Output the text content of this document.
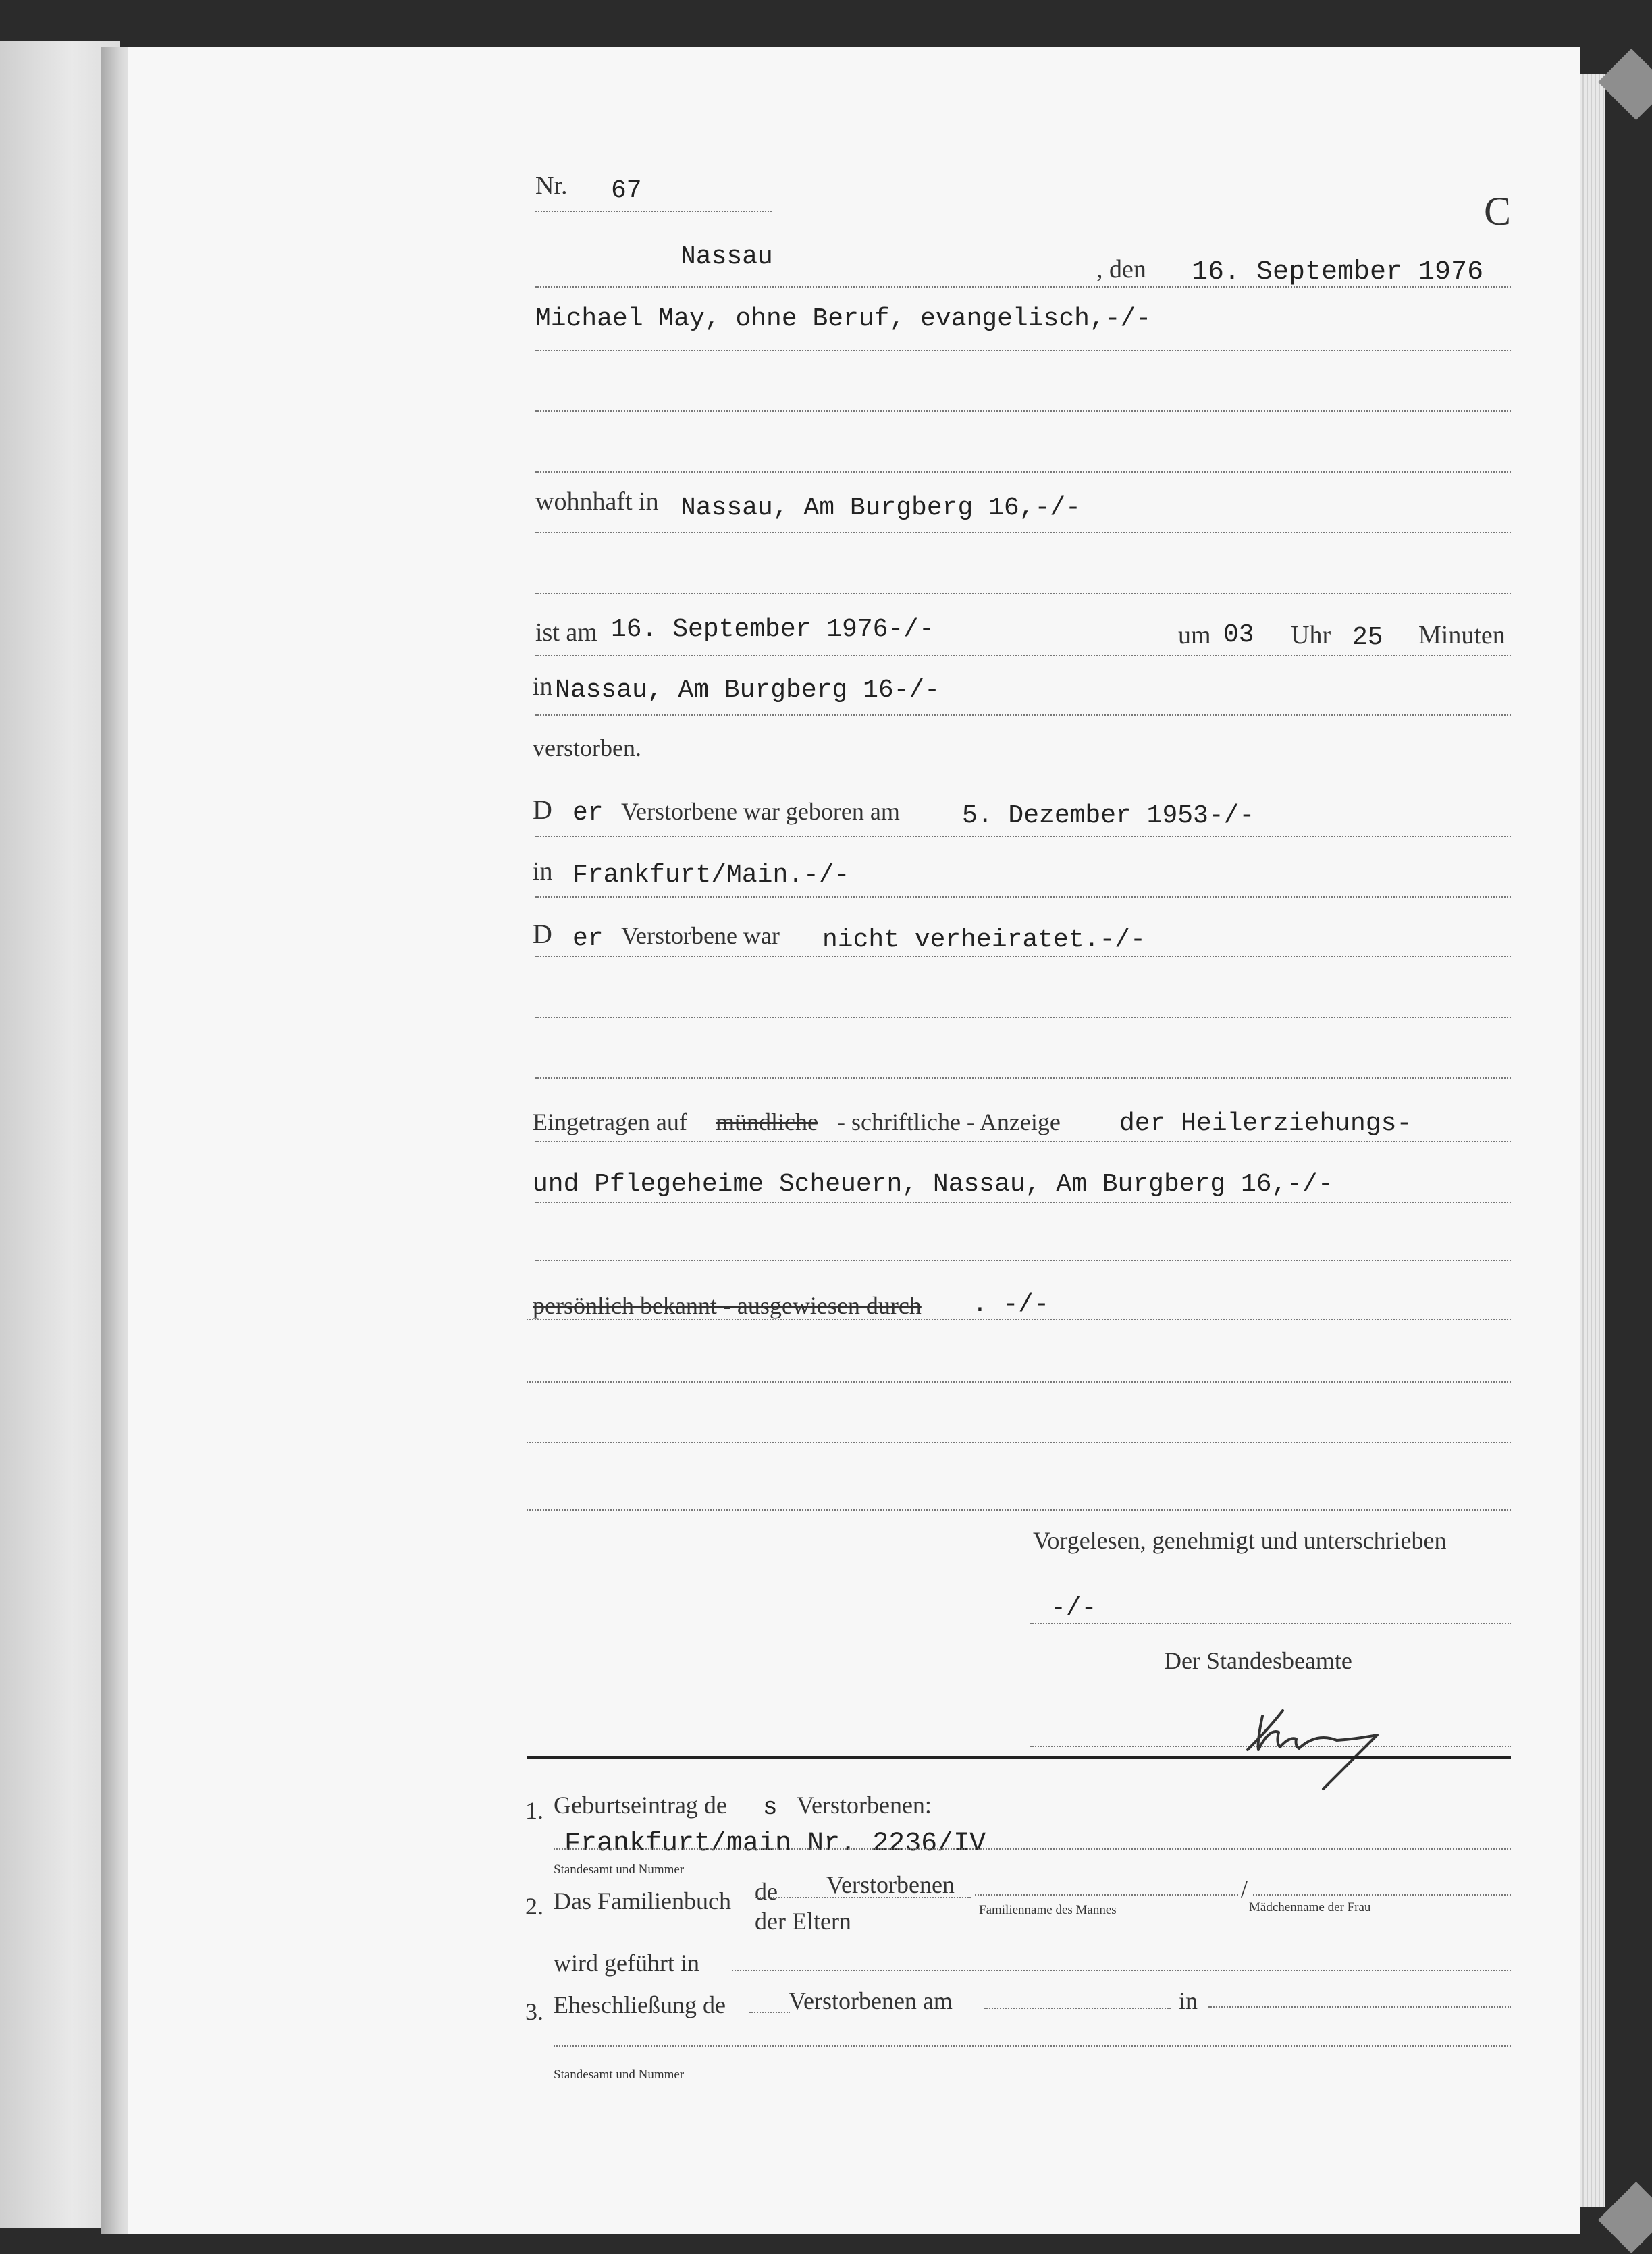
Nr. 67	C
Nassau	, den 16. September 1976
Michael May, ohne Beruf, evangelisch,-/-
wohnhaft in Nassau, Am Burgberg 16,-/-
ist am 16. September 1976-/-	um 03 Uhr 25 Minuten
in Nassau, Am Burgberg 16-/-
verstorben.
D er Verstorbene war geboren am 5. Dezember 1953-/-
in Frankfurt/Main.-/-
D er Verstorbene war nicht verheiratet.-/-
Eingetragen auf mündliche - schriftliche - Anzeige der Heilerziehungs-
und Pflegeheime Scheuern, Nassau, Am Burgberg 16,-/-
persönlich bekannt - ausgewiesen durch . -/-
Vorgelesen, genehmigt und unterschrieben
-/-
Der Standesbeamte
1. Geburtseintrag de s Verstorbenen:
Frankfurt/main Nr. 2236/IV
Standesamt und Nummer
2. Das Familienbuch de Verstorbenen
der Eltern
/
Familienname des Mannes	Mädchenname der Frau
wird geführt in
3. Eheschließung de	Verstorbenen am	in
Standesamt und Nummer
